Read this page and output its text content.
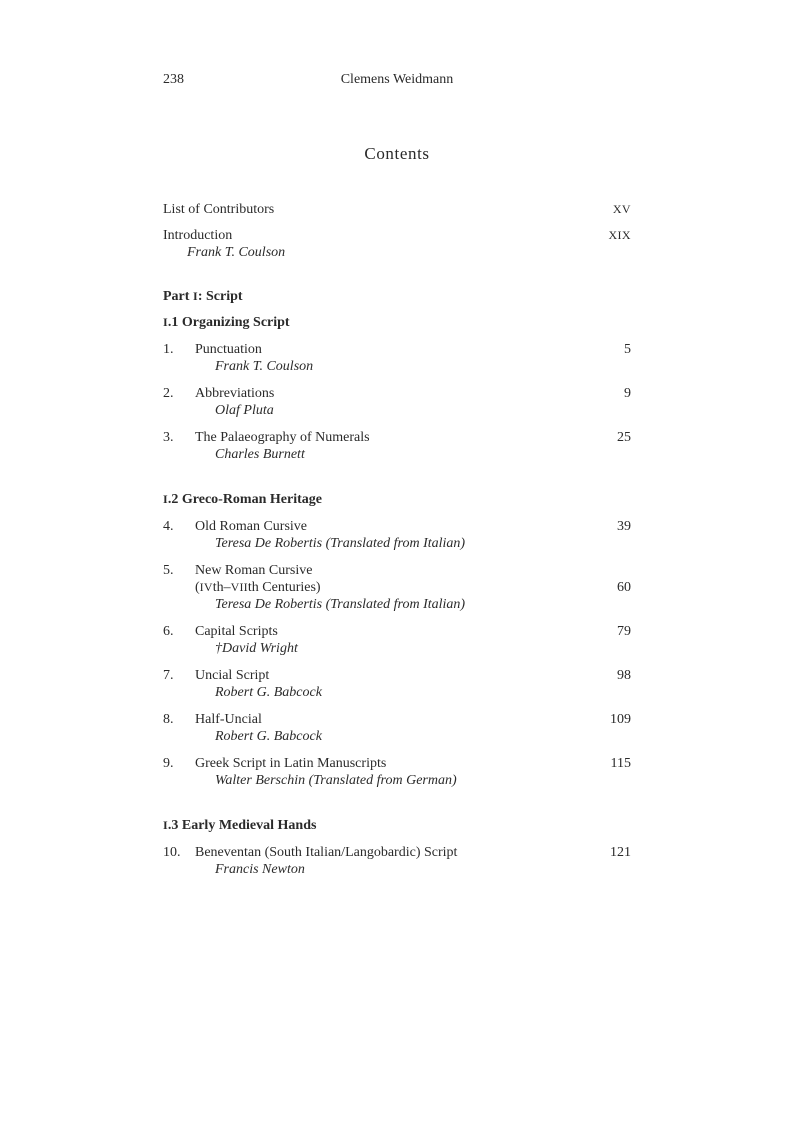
238	Clemens Weidmann
Contents
List of Contributors	XV
Introduction	XIX
Frank T. Coulson
Part I: Script
I.1 Organizing Script
1.	Punctuation	5
Frank T. Coulson
2.	Abbreviations	9
Olaf Pluta
3.	The Palaeography of Numerals	25
Charles Burnett
I.2 Greco-Roman Heritage
4.	Old Roman Cursive	39
Teresa De Robertis (Translated from Italian)
5.	New Roman Cursive
(IVth–VIIth Centuries)	60
Teresa De Robertis (Translated from Italian)
6.	Capital Scripts	79
†David Wright
7.	Uncial Script	98
Robert G. Babcock
8.	Half-Uncial	109
Robert G. Babcock
9.	Greek Script in Latin Manuscripts	115
Walter Berschin (Translated from German)
I.3 Early Medieval Hands
10.	Beneventan (South Italian/Langobardic) Script	121
Francis Newton
